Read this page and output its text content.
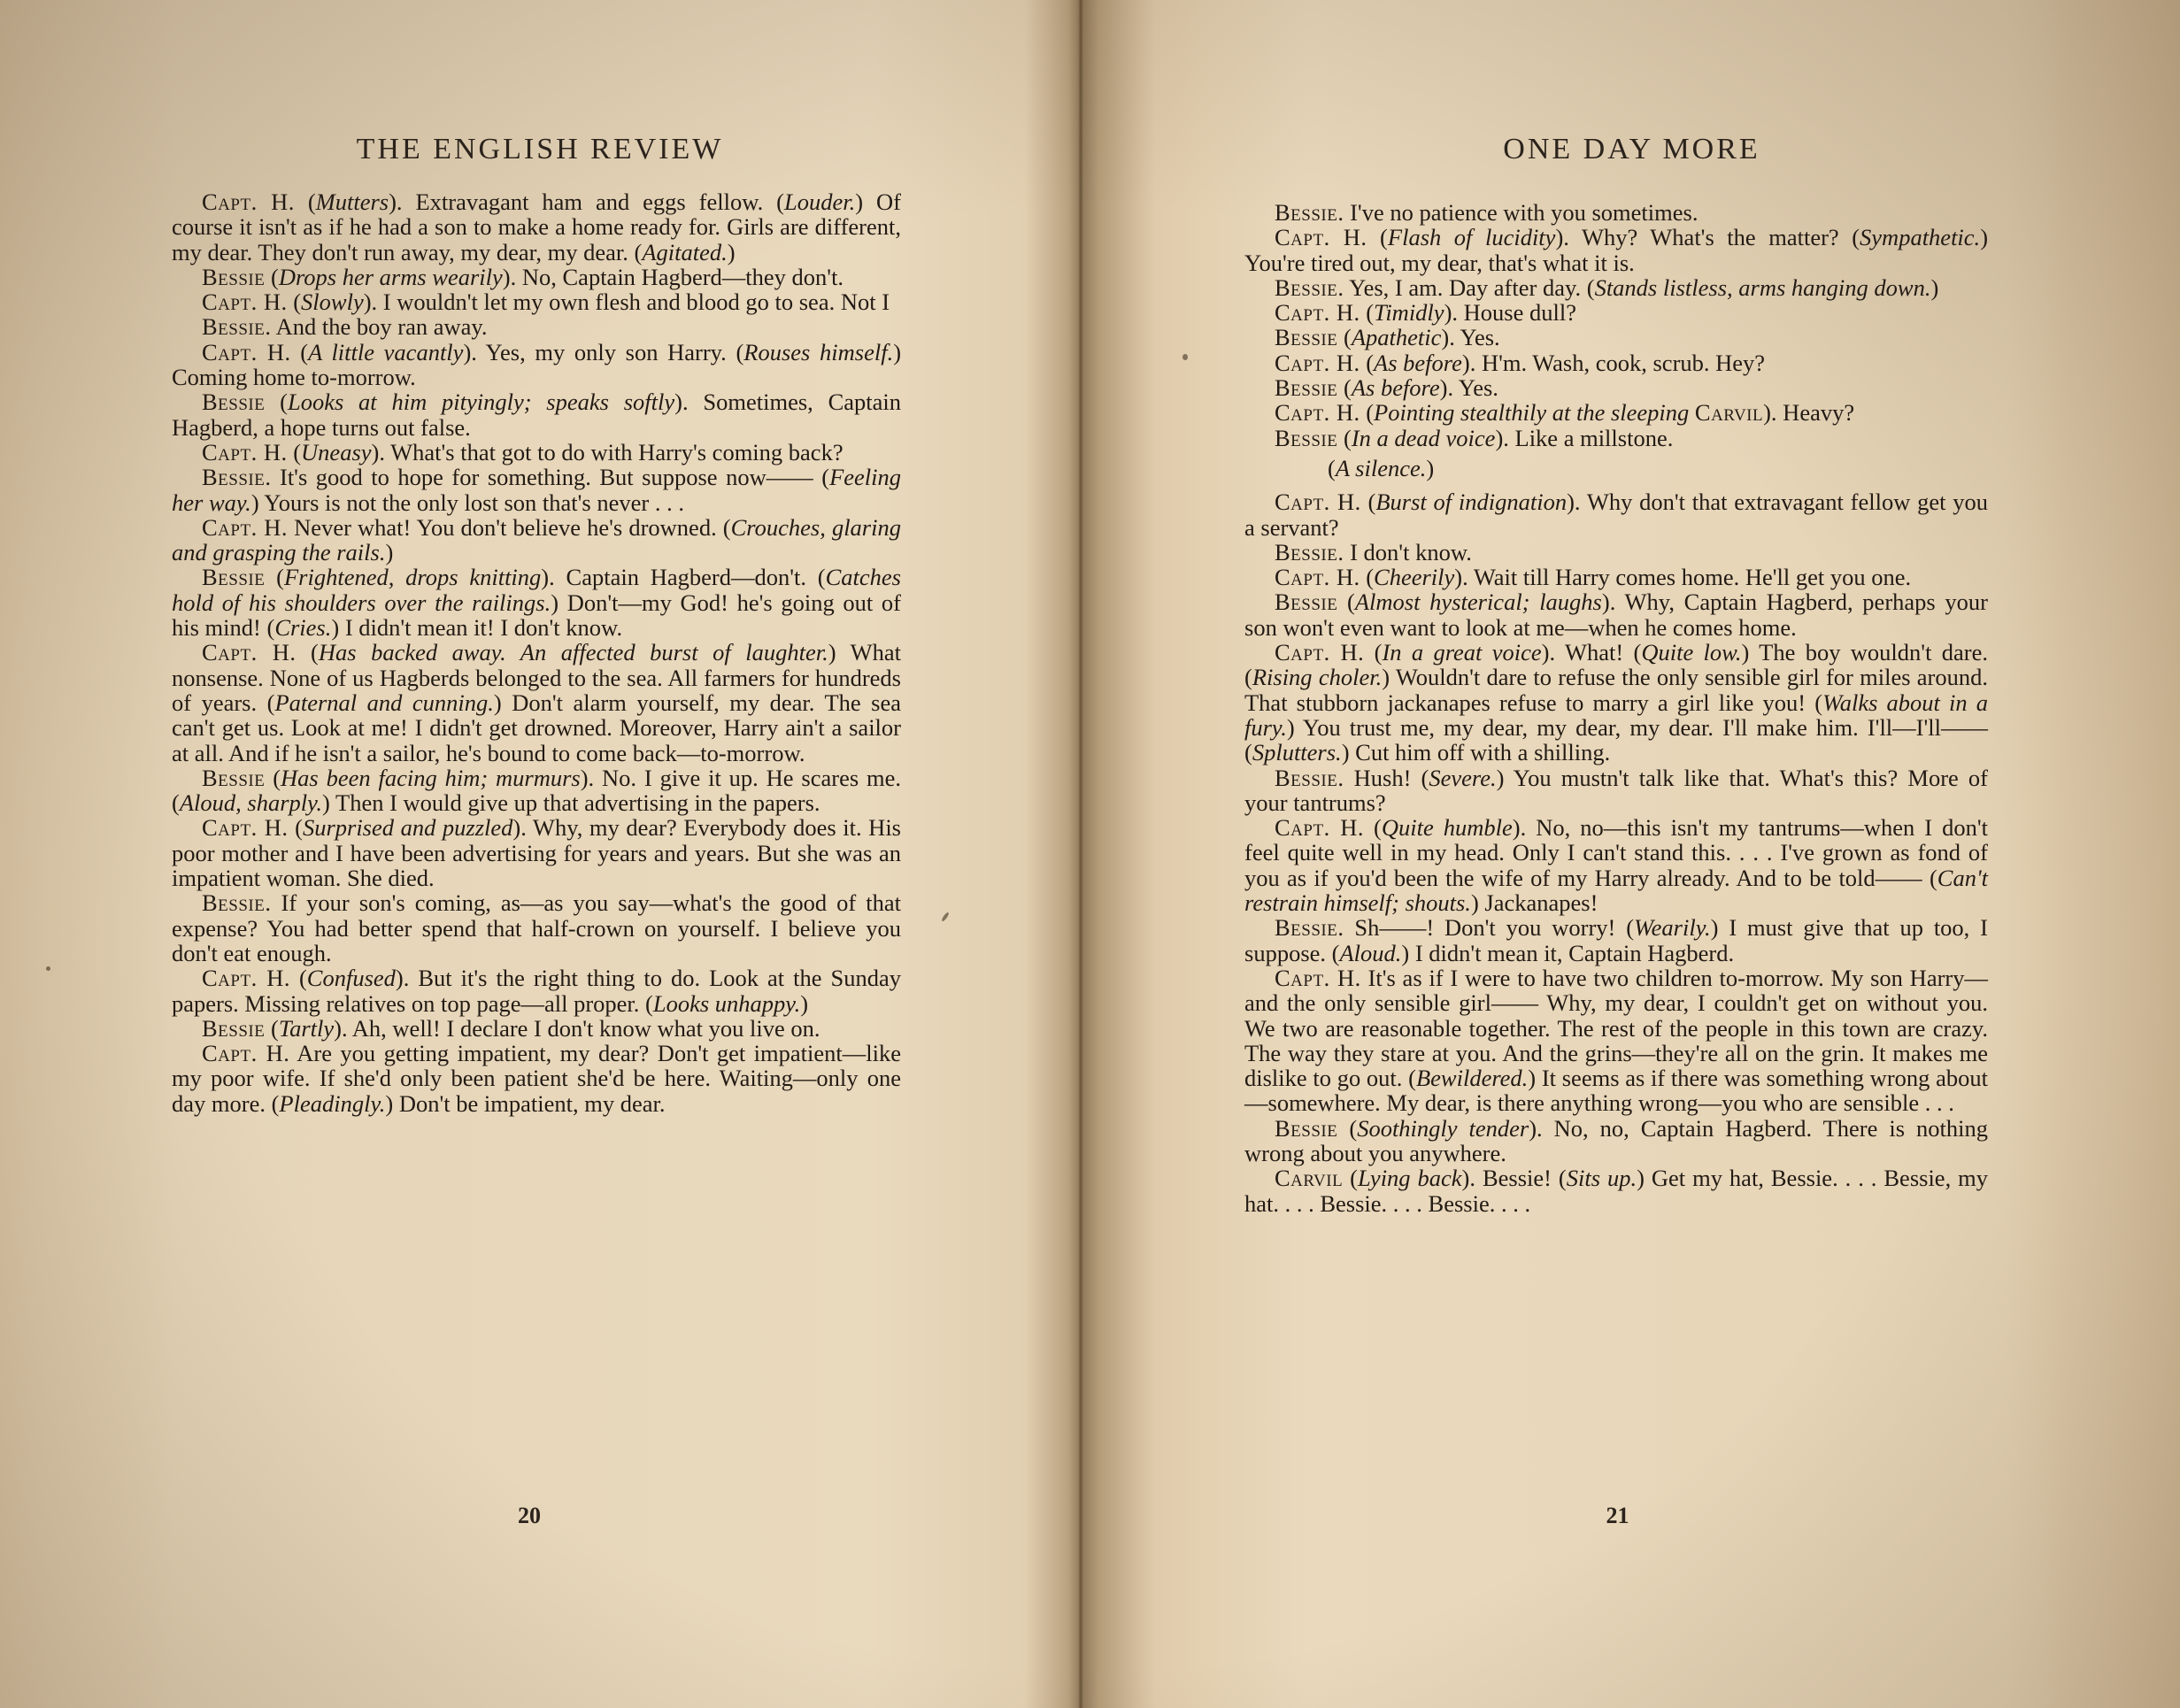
THE ENGLISH REVIEW

Capt. H. (Mutters). Extravagant ham and eggs fellow. (Louder.) Of course it isn't as if he had a son to make a home ready for. Girls are different, my dear. They don't run away, my dear, my dear. (Agitated.)

Bessie (Drops her arms wearily). No, Captain Hagberd—they don't.

Capt. H. (Slowly). I wouldn't let my own flesh and blood go to sea. Not I

Bessie. And the boy ran away.

Capt. H. (A little vacantly). Yes, my only son Harry. (Rouses himself.) Coming home to-morrow.

Bessie (Looks at him pityingly; speaks softly). Sometimes, Captain Hagberd, a hope turns out false.

Capt. H. (Uneasy). What's that got to do with Harry's coming back?

Bessie. It's good to hope for something. But suppose now—— (Feeling her way.) Yours is not the only lost son that's never . . .

Capt. H. Never what! You don't believe he's drowned. (Crouches, glaring and grasping the rails.)

Bessie (Frightened, drops knitting). Captain Hagberd—don't. (Catches hold of his shoulders over the railings.) Don't—my God! he's going out of his mind! (Cries.) I didn't mean it! I don't know.

Capt. H. (Has backed away. An affected burst of laughter.) What nonsense. None of us Hagberds belonged to the sea. All farmers for hundreds of years. (Paternal and cunning.) Don't alarm yourself, my dear. The sea can't get us. Look at me! I didn't get drowned. Moreover, Harry ain't a sailor at all. And if he isn't a sailor, he's bound to come back—to-morrow.

Bessie (Has been facing him; murmurs). No. I give it up. He scares me. (Aloud, sharply.) Then I would give up that advertising in the papers.

Capt. H. (Surprised and puzzled). Why, my dear? Everybody does it. His poor mother and I have been advertising for years and years. But she was an impatient woman. She died.

Bessie. If your son's coming, as—as you say—what's the good of that expense? You had better spend that half-crown on yourself. I believe you don't eat enough.

Capt. H. (Confused). But it's the right thing to do. Look at the Sunday papers. Missing relatives on top page—all proper. (Looks unhappy.)

Bessie (Tartly). Ah, well! I declare I don't know what you live on.

Capt. H. Are you getting impatient, my dear? Don't get impatient—like my poor wife. If she'd only been patient she'd be here. Waiting—only one day more. (Pleadingly.) Don't be impatient, my dear.

20
ONE DAY MORE

Bessie. I've no patience with you sometimes.

Capt. H. (Flash of lucidity). Why? What's the matter? (Sympathetic.) You're tired out, my dear, that's what it is.

Bessie. Yes, I am. Day after day. (Stands listless, arms hanging down.)

Capt. H. (Timidly). House dull?

Bessie (Apathetic). Yes.

Capt. H. (As before). H'm. Wash, cook, scrub. Hey?

Bessie (As before). Yes.

Capt. H. (Pointing stealthily at the sleeping Carvil). Heavy?

Bessie (In a dead voice). Like a millstone.

(A silence.)

Capt. H. (Burst of indignation). Why don't that extravagant fellow get you a servant?

Bessie. I don't know.

Capt. H. (Cheerily). Wait till Harry comes home. He'll get you one.

Bessie (Almost hysterical; laughs). Why, Captain Hagberd, perhaps your son won't even want to look at me—when he comes home.

Capt. H. (In a great voice). What! (Quite low.) The boy wouldn't dare. (Rising choler.) Wouldn't dare to refuse the only sensible girl for miles around. That stubborn jackanapes refuse to marry a girl like you! (Walks about in a fury.) You trust me, my dear, my dear, my dear. I'll make him. I'll—I'll—— (Splutters.) Cut him off with a shilling.

Bessie. Hush! (Severe.) You mustn't talk like that. What's this? More of your tantrums?

Capt. H. (Quite humble). No, no—this isn't my tantrums—when I don't feel quite well in my head. Only I can't stand this. . . . I've grown as fond of you as if you'd been the wife of my Harry already. And to be told—— (Can't restrain himself; shouts.) Jackanapes!

Bessie. Sh——! Don't you worry! (Wearily.) I must give that up too, I suppose. (Aloud.) I didn't mean it, Captain Hagberd.

Capt. H. It's as if I were to have two children to-morrow. My son Harry—and the only sensible girl—— Why, my dear, I couldn't get on without you. We two are reasonable together. The rest of the people in this town are crazy. The way they stare at you. And the grins—they're all on the grin. It makes me dislike to go out. (Bewildered.) It seems as if there was something wrong about—somewhere. My dear, is there anything wrong—you who are sensible . . .

Bessie (Soothingly tender). No, no, Captain Hagberd. There is nothing wrong about you anywhere.

Carvil (Lying back). Bessie! (Sits up.) Get my hat, Bessie. . . . Bessie, my hat. . . . Bessie. . . . Bessie. . . .

21
